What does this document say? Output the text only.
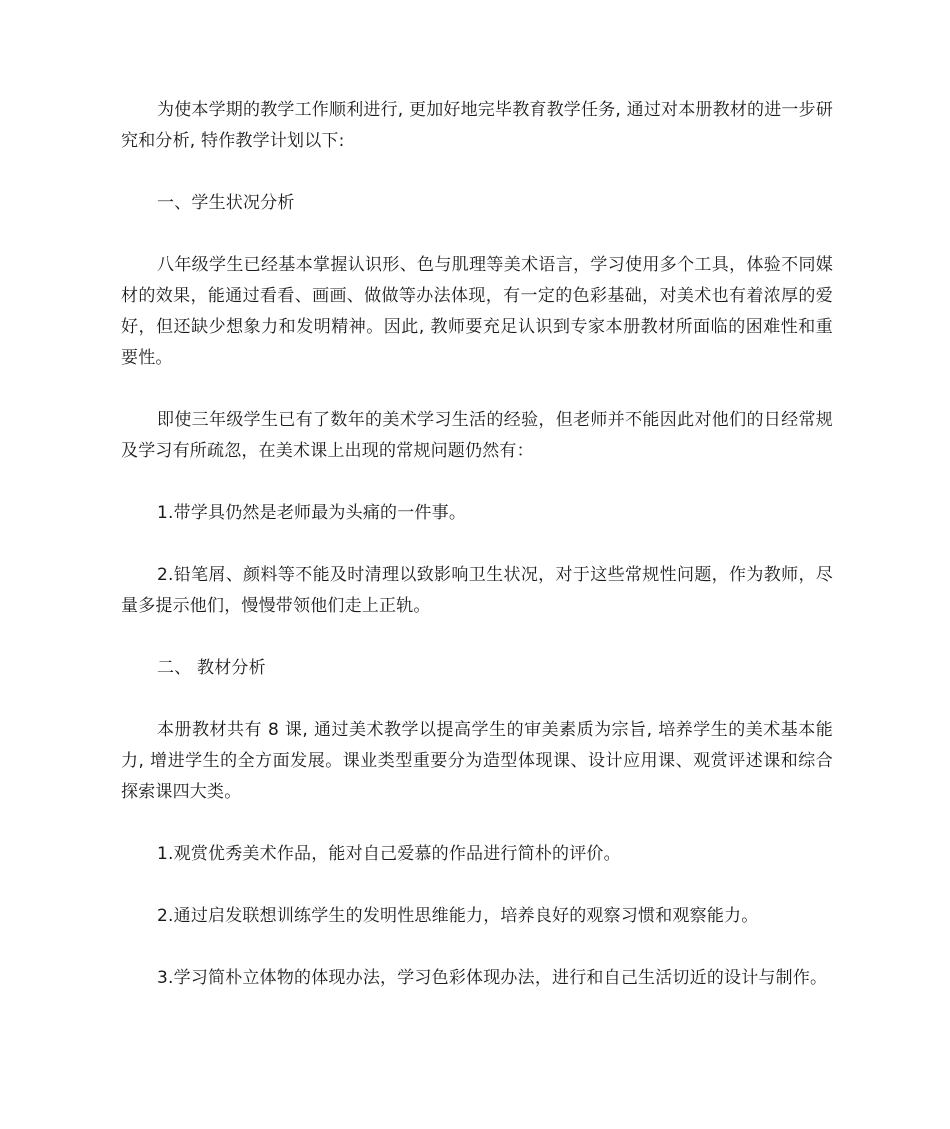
为使本学期的教学工作顺利进行, 更加好地完毕教育教学任务, 通过对本册教材的进一步研究和分析, 特作教学计划以下:

一、学生状况分析

八年级学生已经基本掌握认识形、色与肌理等美术语言，学习使用多个工具，体验不同媒材的效果，能通过看看、画画、做做等办法体现，有一定的色彩基础，对美术也有着浓厚的爱好，但还缺少想象力和发明精神。因此, 教师要充足认识到专家本册教材所面临的困难性和重要性。

即使三年级学生已有了数年的美术学习生活的经验，但老师并不能因此对他们的日经常规及学习有所疏忽，在美术课上出现的常规问题仍然有：

1.带学具仍然是老师最为头痛的一件事。

2.铅笔屑、颜料等不能及时清理以致影响卫生状况，对于这些常规性问题，作为教师，尽量多提示他们，慢慢带领他们走上正轨。

二、 教材分析

本册教材共有 8 课, 通过美术教学以提高学生的审美素质为宗旨, 培养学生的美术基本能力, 增进学生的全方面发展。课业类型重要分为造型体现课、设计应用课、观赏评述课和综合探索课四大类。

1.观赏优秀美术作品，能对自己爱慕的作品进行简朴的评价。

2.通过启发联想训练学生的发明性思维能力，培养良好的观察习惯和观察能力。

3.学习简朴立体物的体现办法，学习色彩体现办法，进行和自己生活切近的设计与制作。
